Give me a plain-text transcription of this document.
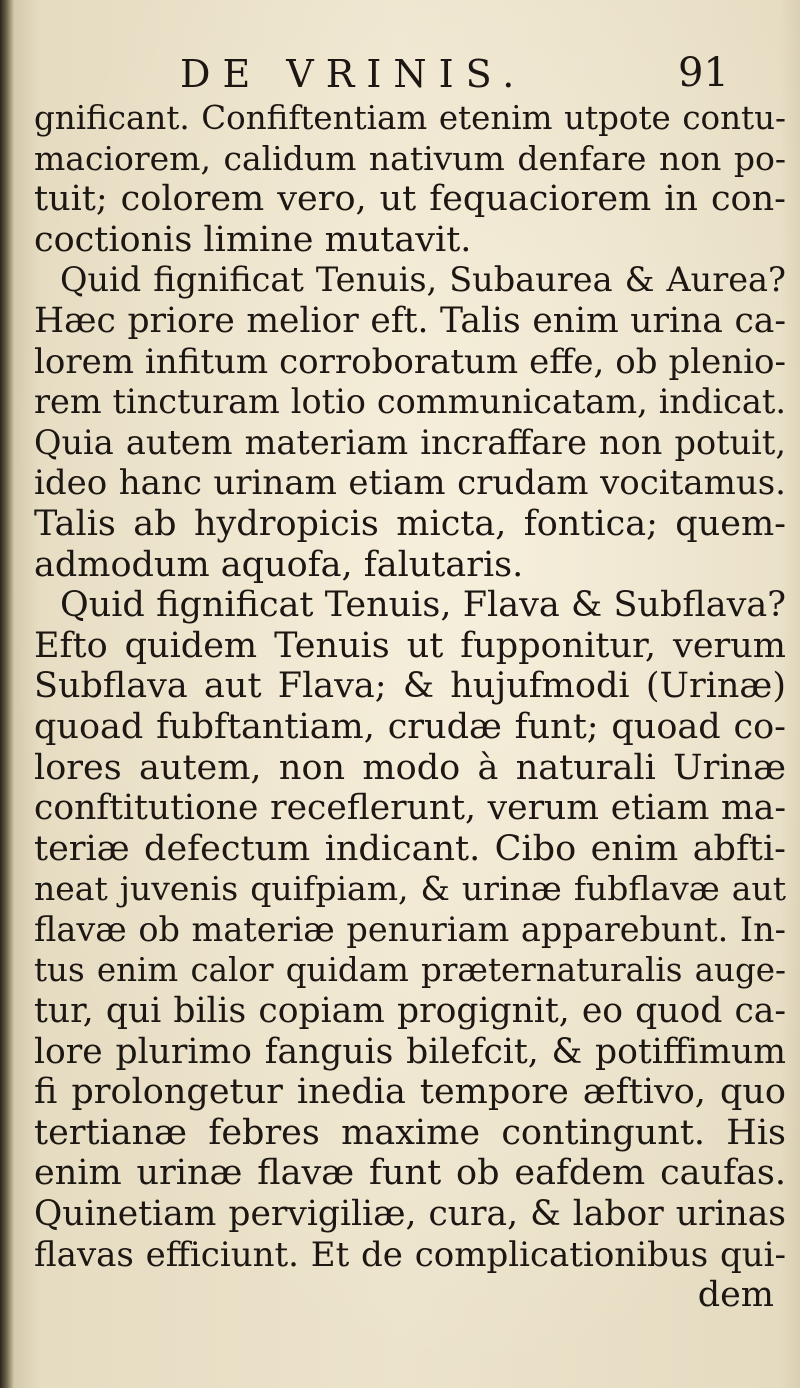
DE VRINIS.	91
gnificant. Confiftentiam etenim utpote contu-
maciorem, calidum nativum denfare non po-
tuit; colorem vero, ut fequaciorem in con-
coctionis limine mutavit.
Quid fignificat Tenuis, Subaurea & Aurea?
Hæc priore melior eft. Talis enim urina ca-
lorem infitum corroboratum effe, ob plenio-
rem tincturam lotio communicatam, indicat.
Quia autem materiam incraffare non potuit,
ideo hanc urinam etiam crudam vocitamus.
Talis ab hydropicis micta, fontica; quem-
admodum aquofa, falutaris.
Quid fignificat Tenuis, Flava & Subflava?
Efto quidem Tenuis ut fupponitur, verum
Subflava aut Flava; & hujufmodi (Urinæ)
quoad fubftantiam, crudæ funt; quoad co-
lores autem, non modo à naturali Urinæ
conftitutione receflerunt, verum etiam ma-
teriæ defectum indicant. Cibo enim abfti-
neat juvenis quifpiam, & urinæ fubflavæ aut
flavæ ob materiæ penuriam apparebunt. In-
tus enim calor quidam præternaturalis auge-
tur, qui bilis copiam progignit, eo quod ca-
lore plurimo fanguis bilefcit, & potiffimum
fi prolongetur inedia tempore æftivo, quo
tertianæ febres maxime contingunt. His
enim urinæ flavæ funt ob eafdem caufas.
Quinetiam pervigiliæ, cura, & labor urinas
flavas efficiunt. Et de complicationibus qui-
dem
